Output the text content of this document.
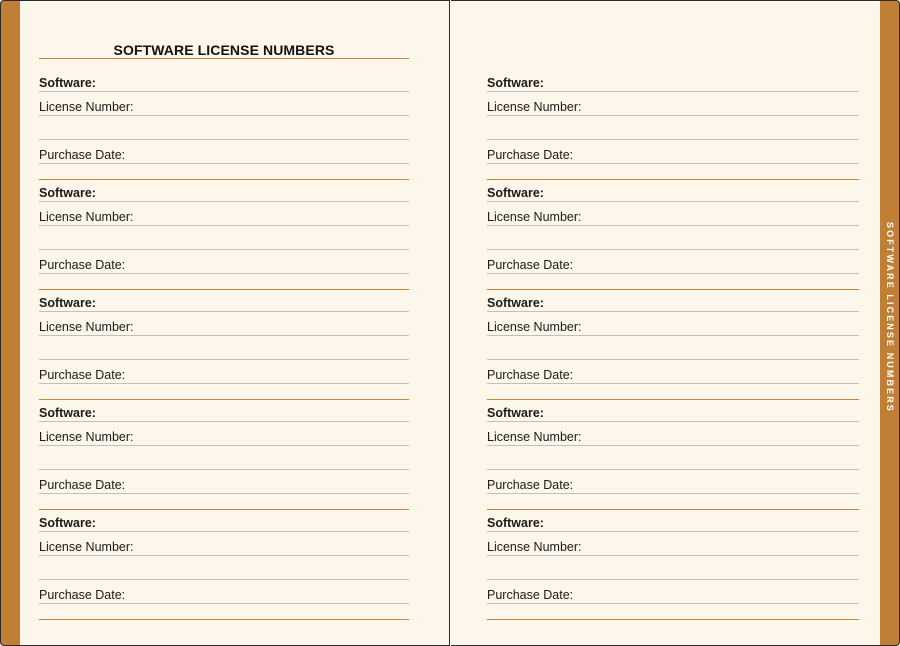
SOFTWARE LICENSE NUMBERS
Software:
License Number:
Purchase Date:
Software:
License Number:
Purchase Date:
Software:
License Number:
Purchase Date:
Software:
License Number:
Purchase Date:
Software:
License Number:
Purchase Date:
Software:
License Number:
Purchase Date:
Software:
License Number:
Purchase Date:
Software:
License Number:
Purchase Date:
Software:
License Number:
Purchase Date:
Software:
License Number:
Purchase Date:
SOFTWARE LICENSE NUMBERS
